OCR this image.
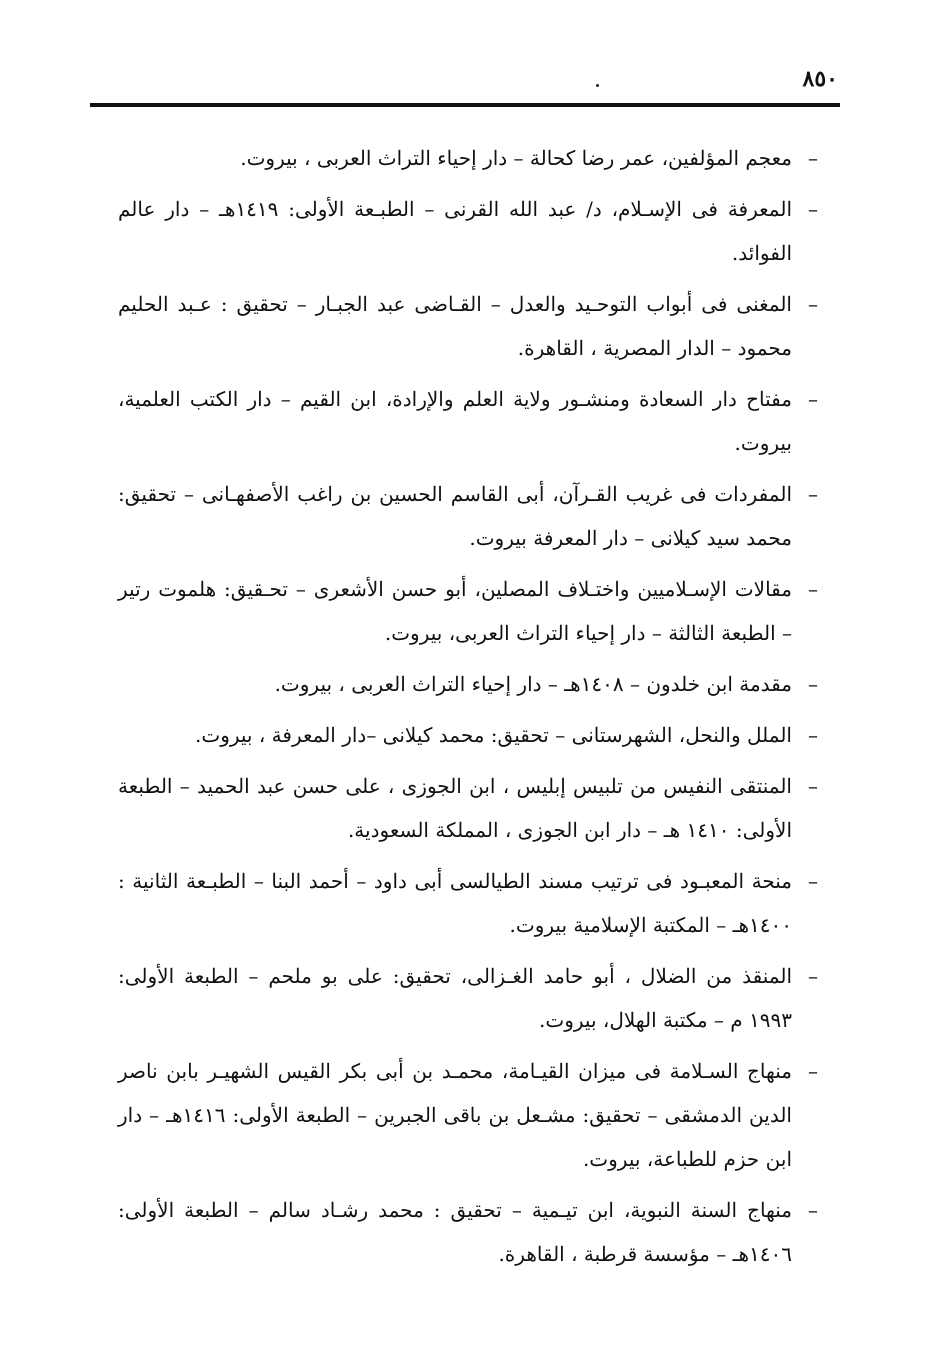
٨٥٠
–
معجم المؤلفين، عمر رضا كحالة – دار إحياء التراث العربى ، بيروت.
–
المعرفة فى الإسـلام، د/ عبد الله القرنى – الطبـعة الأولى: ١٤١٩هـ – دار عالم الفوائد.
–
المغنى فى أبواب التوحـيد والعدل – القـاضى عبد الجبـار – تحقيق : عـبد الحليم محمود – الدار المصرية ، القاهرة.
–
مفتاح دار السعادة ومنشـور ولاية العلم والإرادة، ابن القيم – دار الكتب العلمية، بيروت.
–
المفردات فى غريب القـرآن، أبى القاسم الحسين بن راغب الأصفهـانى – تحقيق: محمد سيد كيلانى – دار المعرفة بيروت.
–
مقالات الإسـلاميين واختـلاف المصلين، أبو حسن الأشعرى – تحـقيق: هلموت رتير – الطبعة الثالثة – دار إحياء التراث العربى، بيروت.
–
مقدمة ابن خلدون – ١٤٠٨هـ – دار إحياء التراث العربى ، بيروت.
–
الملل والنحل، الشهرستانى – تحقيق: محمد كيلانى –دار المعرفة ، بيروت.
–
المنتقى النفيس من تلبيس إبليس ، ابن الجوزى ، على حسن عبد الحميد – الطبعة الأولى: ١٤١٠ هـ – دار ابن الجوزى ، المملكة السعودية.
–
منحة المعبـود فى ترتيب مسند الطيالسى أبى داود – أحمد البنا – الطبـعة الثانية : ١٤٠٠هـ – المكتبة الإسلامية بيروت.
–
المنقذ من الضلال ، أبو حامد الغـزالى، تحقيق: على بو ملحم – الطبعة الأولى: ١٩٩٣ م – مكتبة الهلال، بيروت.
–
منهاج السـلامة فى ميزان القيـامة، محمـد بن أبى بكر القيس الشهيـر بابن ناصر الدين الدمشقى – تحقيق: مشـعل بن باقى الجبرين – الطبعة الأولى: ١٤١٦هـ – دار ابن حزم للطباعة، بيروت.
–
منهاج السنة النبوية، ابن تيـمية – تحقيق : محمد رشـاد سالم – الطبعة الأولى: ١٤٠٦هـ – مؤسسة قرطبة ، القاهرة.
